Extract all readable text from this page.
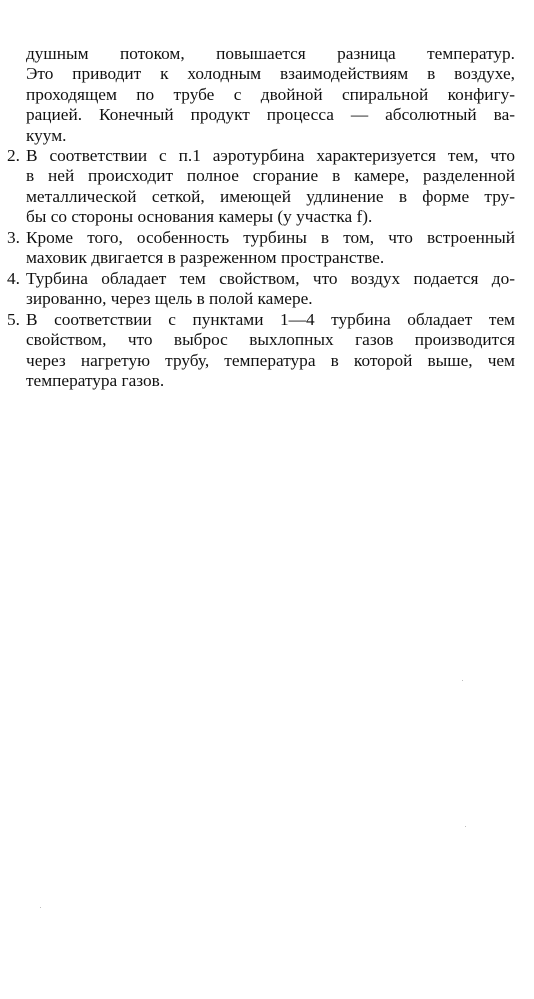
душным потоком, повышается разница температур.
Это приводит к холодным взаимодействиям в воздухе,
проходящем по трубе с двойной спиральной конфигу-
рацией. Конечный продукт процесса — абсолютный ва-
куум.
2. В соответствии с п.1 аэротурбина характеризуется тем, что
в ней происходит полное сгорание в камере, разделенной
металлической сеткой, имеющей удлинение в форме тру-
бы со стороны основания камеры (у участка f).
3. Кроме того, особенность турбины в том, что встроенный
маховик двигается в разреженном пространстве.
4. Турбина обладает тем свойством, что воздух подается до-
зированно, через щель в полой камере.
5. В соответствии с пунктами 1—4 турбина обладает тем
свойством, что выброс выхлопных газов производится
через нагретую трубу, температура в которой выше, чем
температура газов.
